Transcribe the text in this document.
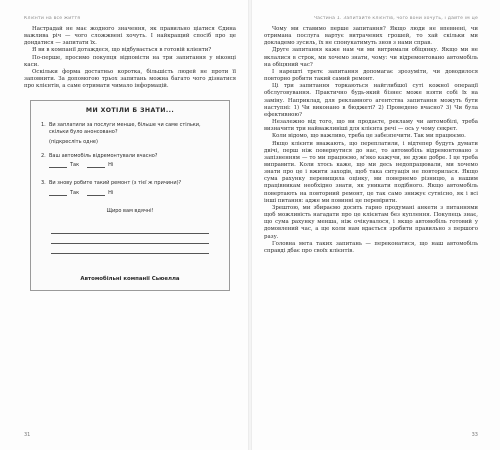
Клієнти на все життя

Настрадай не має жодного значення, як правильно ціатися Єдина важлива річ — чого сложжвені хочуть. І найкращий спосіб про це дондатися — запитати їх.

Я ви в компанії дотаждеся, що відбувається в готовій кліенти?

По-перше, просимо покупця відповісти на три запитання у віконці каси.

Оскільки форма достатньо коротка, більшість людей не проти її заповнити. За допомогою трьох запитань можна багато чого дізнатися про клієнтів, а саме отримати чимало інформацій.

МИ ХОТІЛИ Б ЗНАТИ...
1. Ви заплатили за послуги менше, більше чи саме стільки, скільки було анонсовано?
(підкресліть одне)
2. Ваш автомобіль відремонтували вчасно?
Так	Ні
3. Ви знову робите такий ремонт (з тієї ж причини)?
Так	Ні
Щиро вам вдячні!
Автомобільні компанії Сьюелла
31
Частина 1. Запитайте клієнтів, чого вони хочуть, і дайте їм це

Чому ми ставимо перше запитання? Якщо люди не впевнені, чи отримана послуга вартує витрачених грошей, то хай скільки ми докладемо зусиль, їх не спонукатимуть знов з нами справ.

Друге запитання каже нам чи ми витримали обіцянку. Якщо ми не вклалися в строк, ми хочемо знати, чому: чи відремонтовано автомобіль на обіцяний час?

І нарешті третє запитання допомагає зрозуміти, чи доводилося повторно робити такий самий ремонт.

Ці три запитання торкаються найглибшої суті кожної операції обслуговування. Практично будь-який бізнес може взяти собі їх на заміну. Наприклад, для рекламного агентства запитання можуть бути наступні: 1) Чи виконано в бюджеті? 2) Проведено вчасно? 3) Чи була ефективною?

Незалежно від того, що ви продаєте, рекламу чи автомобілі, треба визначити три найважливіші для клієнта речі — ось у чому секрет.

Коли відомо, що важливо, треба це забезпечити. Так ми працюємо.

Якщо клієнти вважають, що переплатили, і відтепер будуть думати двічі, перш ніж повернутися до нас, то автомобіль відремонтовано з запізненням — то ми працюємо, м'яко кажучи, не дуже добре. І це треба виправити. Коли хтось каже, що ми десь недопрацювали, ми хочемо знати про це і вжити заходів, щоб така ситуація не повторилася. Якщо сума рахунку перевищила оцінку, ми повернемо різницю, а нашим працівникам необхідно знати, як уникати подібного. Якщо автомобіль повертають на повторний ремонт, це так само знижує сутнісно, як і всі інші питання: адже ми повинні це перевірити.

Зрештою, ми збираємо досить гарно продумані анкети з питаннями щоб можливість нагадати про це клієнтам без куплення. Покупець знає, що сума рахунку менша, ніж очікувалося, і якщо автомобіль готовий у домовлений час, а ще коли нам вдається зробити правильно з першого разу.

Головна мета таких запитань — переконатися, що наш автомобіль справді дбає про своїх клієнтів.

33
